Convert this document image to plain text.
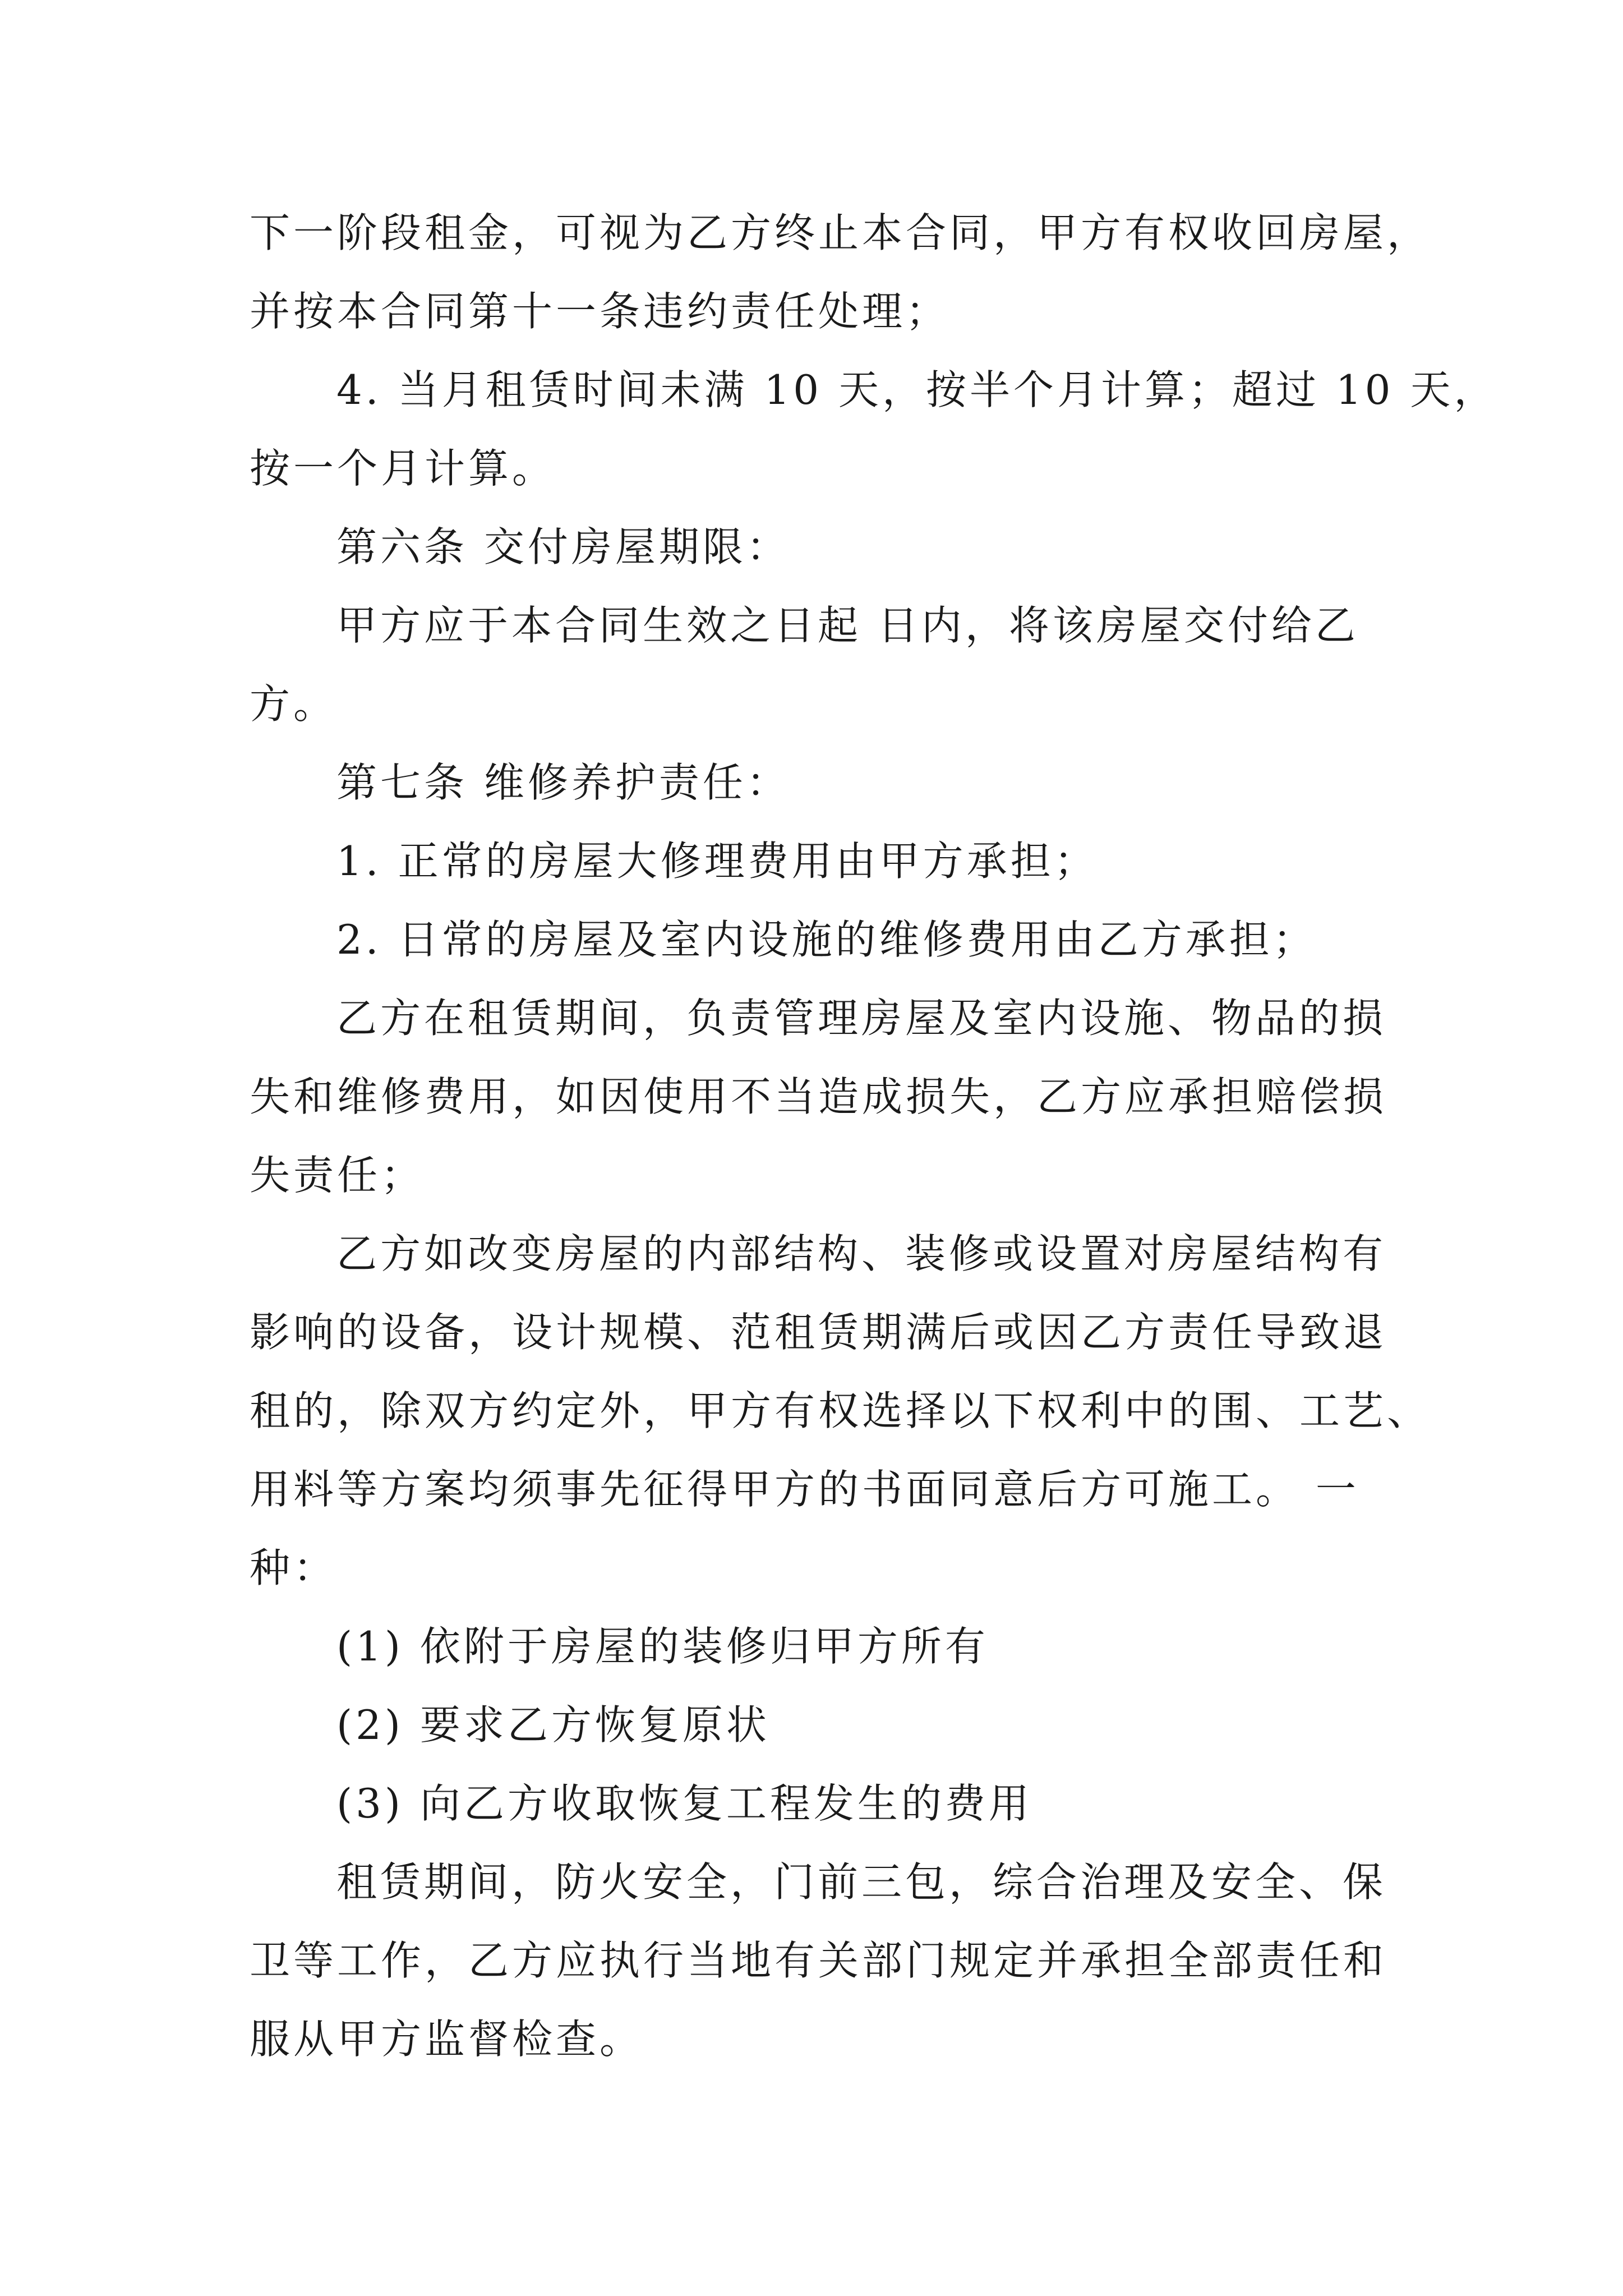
下一阶段租金，可视为乙方终止本合同，甲方有权收回房屋，

并按本合同第十一条违约责任处理；

4. 当月租赁时间未满 10 天，按半个月计算；超过 10 天，

按一个月计算。

第六条 交付房屋期限：

甲方应于本合同生效之日起 日内，将该房屋交付给乙

方。

第七条 维修养护责任：

1. 正常的房屋大修理费用由甲方承担；

2. 日常的房屋及室内设施的维修费用由乙方承担；

乙方在租赁期间，负责管理房屋及室内设施、物品的损

失和维修费用，如因使用不当造成损失，乙方应承担赔偿损

失责任；

乙方如改变房屋的内部结构、装修或设置对房屋结构有

影响的设备，设计规模、范租赁期满后或因乙方责任导致退

租的，除双方约定外，甲方有权选择以下权利中的围、工艺、

用料等方案均须事先征得甲方的书面同意后方可施工。 一

种：

(1) 依附于房屋的装修归甲方所有

(2) 要求乙方恢复原状

(3) 向乙方收取恢复工程发生的费用

租赁期间，防火安全，门前三包，综合治理及安全、保

卫等工作，乙方应执行当地有关部门规定并承担全部责任和

服从甲方监督检查。
